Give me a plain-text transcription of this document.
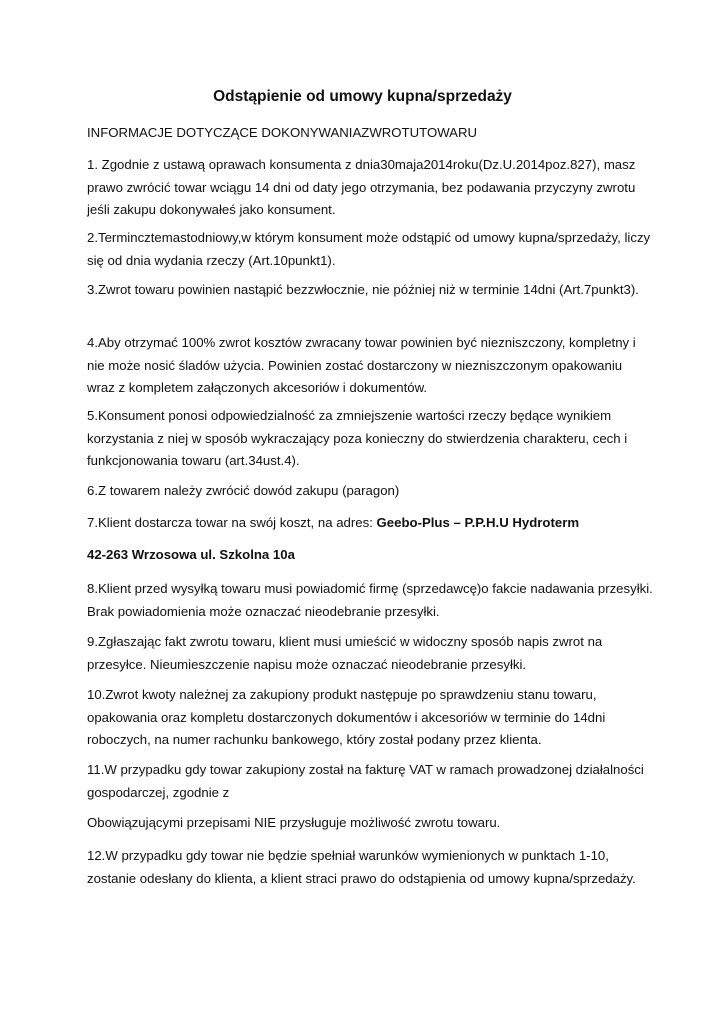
Odstąpienie od umowy kupna/sprzedaży

INFORMACJE DOTYCZĄCE DOKONYWANIAZWROTUTOWARU

1. Zgodnie z ustawą oprawach konsumenta z dnia30maja2014roku(Dz.U.2014poz.827), masz prawo zwrócić towar wciągu 14 dni od daty jego otrzymania, bez podawania przyczyny zwrotu jeśli zakupu dokonywałeś jako konsument.

2.Termincztemastodniowy,w którym konsument może odstąpić od umowy kupna/sprzedaży, liczy się od dnia wydania rzeczy (Art.10punkt1).

3.Zwrot towaru powinien nastąpić bezzwłocznie, nie później niż w terminie 14dni (Art.7punkt3).

4.Aby otrzymać 100% zwrot kosztów zwracany towar powinien być niezniszczony, kompletny i nie może nosić śladów użycia. Powinien zostać dostarczony w niezniszczonym opakowaniu wraz z kompletem załączonych akcesoriów i dokumentów.

5.Konsument ponosi odpowiedzialność za zmniejszenie wartości rzeczy będące wynikiem korzystania z niej w sposób wykraczający poza konieczny do stwierdzenia charakteru, cech i funkcjonowania towaru (art.34ust.4).

6.Z towarem należy zwrócić dowód zakupu (paragon)

7.Klient dostarcza towar na swój koszt, na adres: Geebo-Plus – P.P.H.U Hydroterm

42-263 Wrzosowa ul. Szkolna 10a

8.Klient przed wysyłką towaru musi powiadomić firmę (sprzedawcę)o fakcie nadawania przesyłki. Brak powiadomienia może oznaczać nieodebranie przesyłki.

9.Zgłaszając fakt zwrotu towaru, klient musi umieścić w widoczny sposób napis zwrot na przesyłce. Nieumieszczenie napisu może oznaczać nieodebranie przesyłki.

10.Zwrot kwoty należnej za zakupiony produkt następuje po sprawdzeniu stanu towaru, opakowania oraz kompletu dostarczonych dokumentów i akcesoriów w terminie do 14dni roboczych, na numer rachunku bankowego, który został podany przez klienta.

11.W przypadku gdy towar zakupiony został na fakturę VAT w ramach prowadzonej działalności gospodarczej, zgodnie z

Obowiązującymi przepisami NIE przysługuje możliwość zwrotu towaru.

12.W przypadku gdy towar nie będzie spełniał warunków wymienionych w punktach 1-10, zostanie odesłany do klienta, a klient straci prawo do odstąpienia od umowy kupna/sprzedaży.
